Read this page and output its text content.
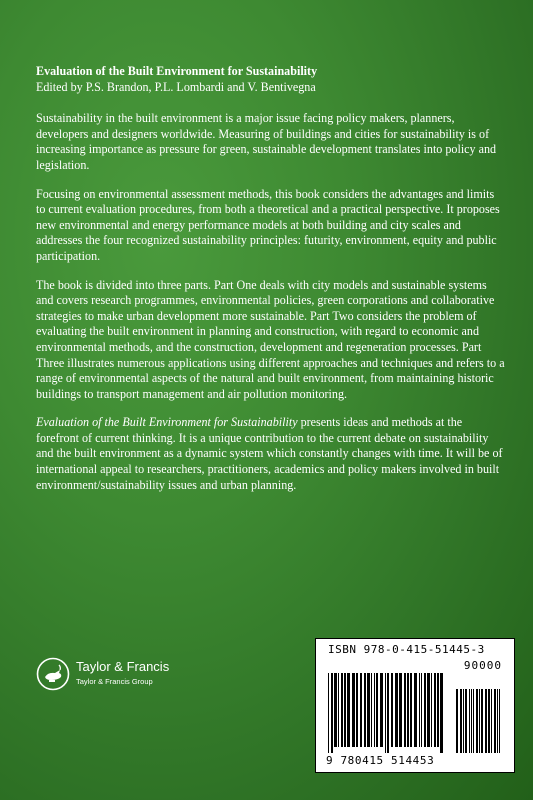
Evaluation of the Built Environment for Sustainability

Edited by P.S. Brandon, P.L. Lombardi and V. Bentivegna

Sustainability in the built environment is a major issue facing policy makers, planners, developers and designers worldwide. Measuring of buildings and cities for sustainability is of increasing importance as pressure for green, sustainable development translates into policy and legislation.

Focusing on environmental assessment methods, this book considers the advantages and limits to current evaluation procedures, from both a theoretical and a practical perspective. It proposes new environmental and energy performance models at both building and city scales and addresses the four recognized sustainability principles: futurity, environment, equity and public participation.

The book is divided into three parts. Part One deals with city models and sustainable systems and covers research programmes, environmental policies, green corporations and collaborative strategies to make urban development more sustainable. Part Two considers the problem of evaluating the built environment in planning and construction, with regard to economic and environmental methods, and the construction, development and regeneration processes. Part Three illustrates numerous applications using different approaches and techniques and refers to a range of environmental aspects of the natural and built environment, from maintaining historic buildings to transport management and air pollution monitoring.

Evaluation of the Built Environment for Sustainability presents ideas and methods at the forefront of current thinking. It is a unique contribution to the current debate on sustainability and the built environment as a dynamic system which constantly changes with time. It will be of international appeal to researchers, practitioners, academics and policy makers involved in built environment/sustainability issues and urban planning.

Taylor & Francis
Taylor & Francis Group
ISBN 978-0-415-51445-3
90000
9 780415 514453
